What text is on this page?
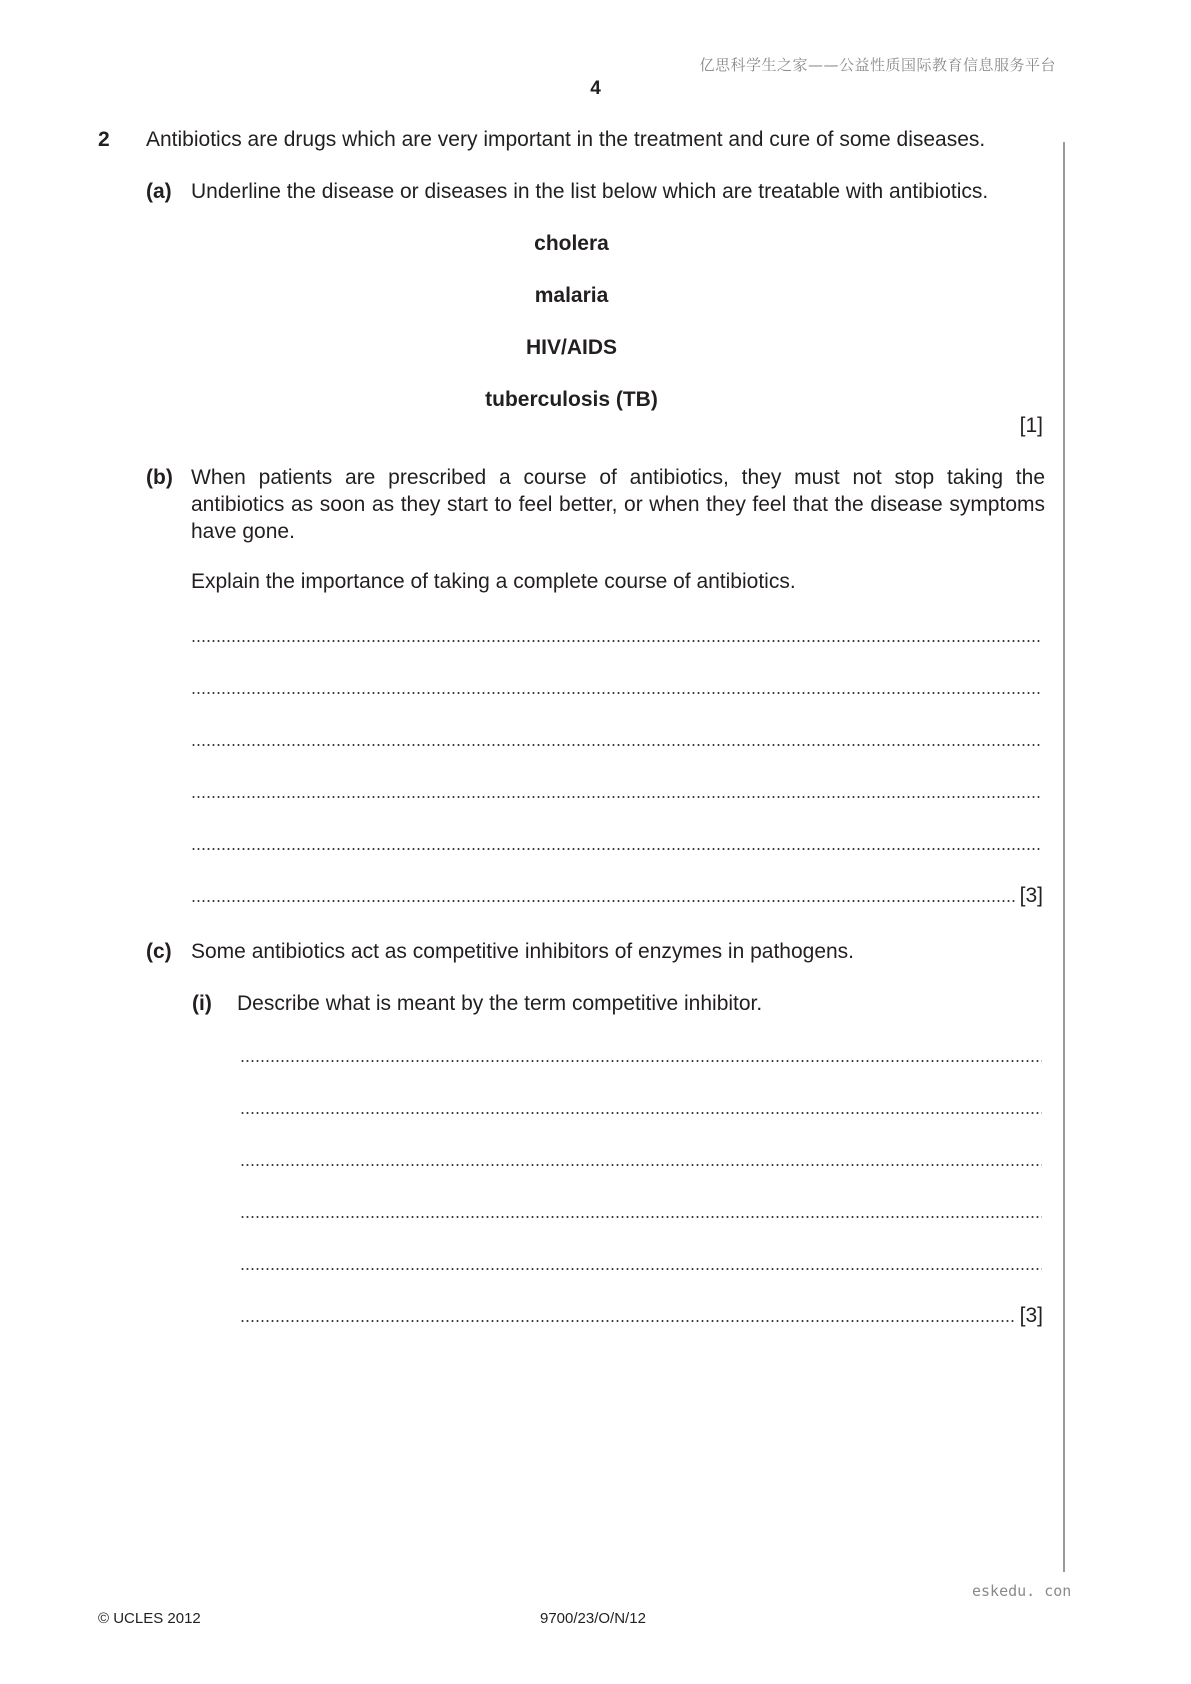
亿思科学生之家——公益性质国际教育信息服务平台
4
2 Antibiotics are drugs which are very important in the treatment and cure of some diseases.
(a) Underline the disease or diseases in the list below which are treatable with antibiotics.
cholera
malaria
HIV/AIDS
tuberculosis (TB)
[1]
(b) When patients are prescribed a course of antibiotics, they must not stop taking the antibiotics as soon as they start to feel better, or when they feel that the disease symptoms have gone.
Explain the importance of taking a complete course of antibiotics.
[3]
(c) Some antibiotics act as competitive inhibitors of enzymes in pathogens.
(i) Describe what is meant by the term competitive inhibitor.
[3]
eskedu. con
© UCLES 2012	9700/23/O/N/12
